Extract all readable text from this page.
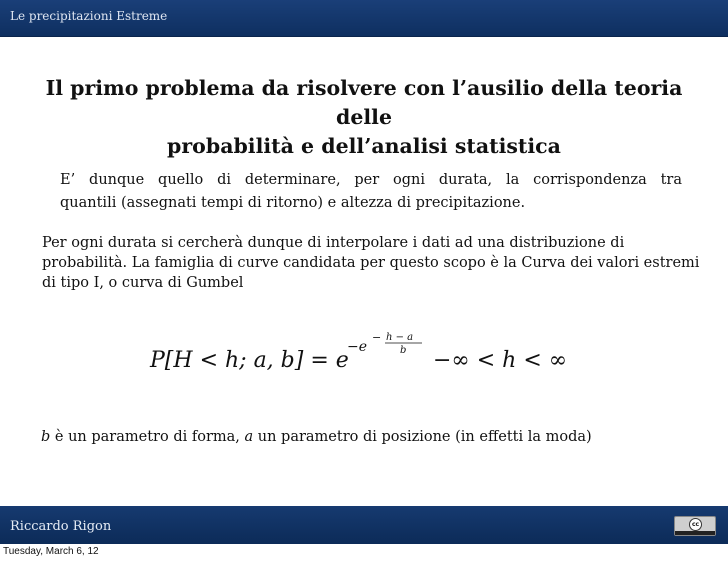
Le precipitazioni Estreme
Il primo problema da risolvere con l’ausilio della teoria delle
probabilità e dell’analisi statistica
E’ dunque quello di determinare, per ogni durata, la corrispondenza tra
quantili (assegnati tempi di ritorno) e altezza di precipitazione.
Per ogni durata si cercherà dunque di interpolare i dati ad una distribuzione di probabilità. La famiglia di curve candidata per questo scopo è la Curva dei valori estremi di tipo I, o curva di Gumbel
P[H < h; a, b] = e
−e
− h − a
b −∞ < h < ∞
b è un parametro di forma, a un parametro di posizione (in effetti la moda)
Riccardo Rigon	cc
Tuesday, March 6, 12
